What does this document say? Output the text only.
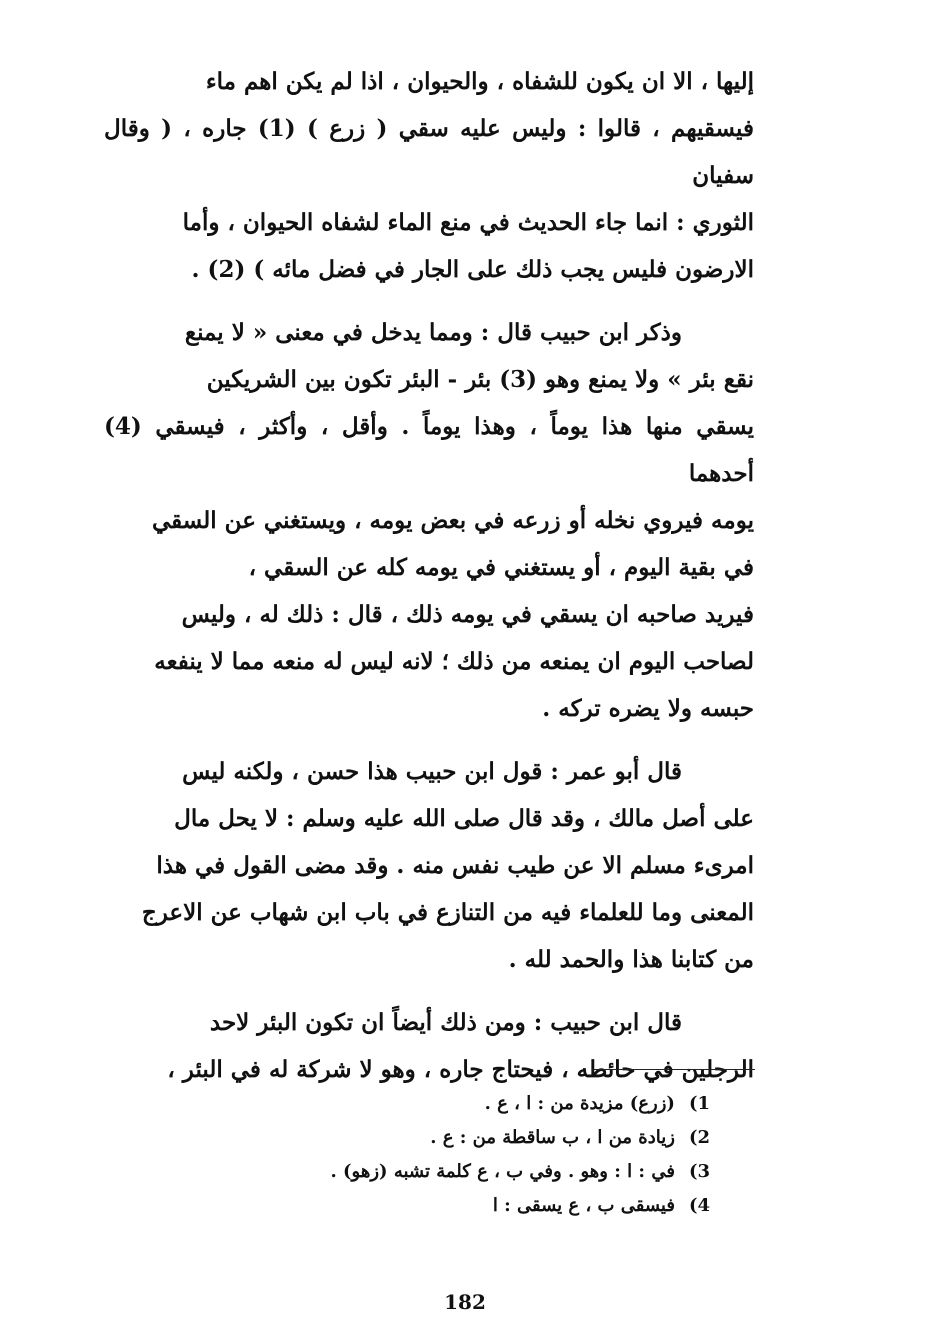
إليها ، الا ان يكون للشفاه ، والحيوان ، اذا لم يكن اهم ماء
فيسقيهم ، قالوا : وليس عليه سقي ( زرع ) (1) جاره ، ( وقال سفيان
الثوري : انما جاء الحديث في منع الماء لشفاه الحيوان ، وأما
الارضون فليس يجب ذلك على الجار في فضل مائه ) (2) .
وذكر ابن حبيب قال : ومما يدخل في معنى « لا يمنع
نقع بئر » ولا يمنع وهو (3) بئر - البئر تكون بين الشريكين
يسقي منها هذا يوماً ، وهذا يوماً . وأقل ، وأكثر ، فيسقي (4) أحدهما
يومه فيروي نخله أو زرعه في بعض يومه ، ويستغني عن السقي
في بقية اليوم ، أو يستغني في يومه كله عن السقي ،
فيريد صاحبه ان يسقي في يومه ذلك ، قال : ذلك له ، وليس
لصاحب اليوم ان يمنعه من ذلك ؛ لانه ليس له منعه مما لا ينفعه
حبسه ولا يضره تركه .
قال أبو عمر : قول ابن حبيب هذا حسن ، ولكنه ليس
على أصل مالك ، وقد قال صلى الله عليه وسلم : لا يحل مال
امرىء مسلم الا عن طيب نفس منه . وقد مضى القول في هذا
المعنى وما للعلماء فيه من التنازع في باب ابن شهاب عن الاعرج
من كتابنا هذا والحمد لله .
قال ابن حبيب : ومن ذلك أيضاً ان تكون البئر لاحد
الرجلين في حائطه ، فيحتاج جاره ، وهو لا شركة له في البئر ،
1)(زرع) مزيدة من : ا ، ع .
2)زيادة من ا ، ب ساقطة من : ع .
3)في : ا : وهو . وفي ب ، ع كلمة تشبه (زهو) .
4)فيسقى ب ، ع يسقى : ا
182
